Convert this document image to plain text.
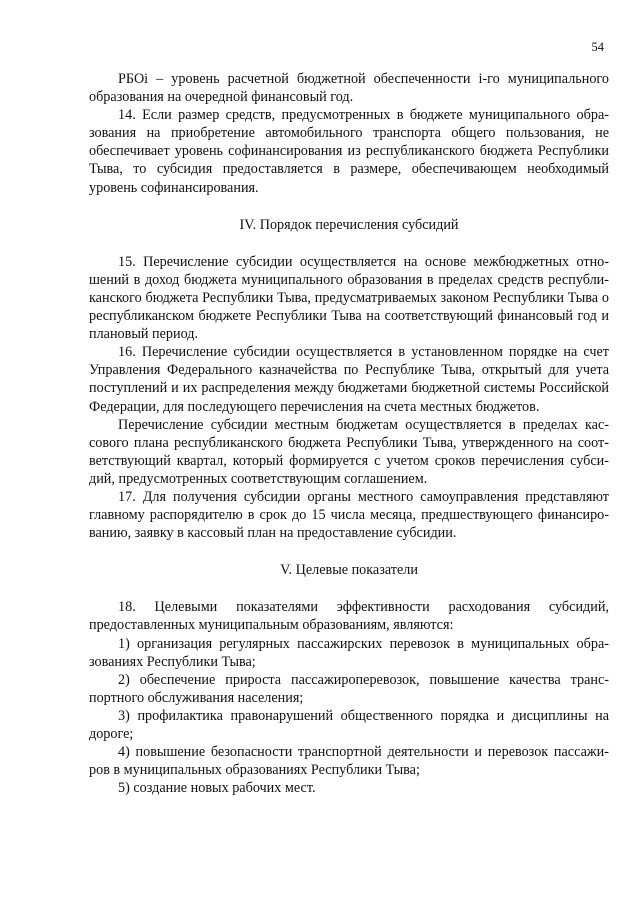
54

РБОi – уровень расчетной бюджетной обеспеченности i-го муниципального образования на очередной финансовый год.

14. Если размер средств, предусмотренных в бюджете муниципального образования на приобретение автомобильного транспорта общего пользования, не обеспечивает уровень софинансирования из республиканского бюджета Республики Тыва, то субсидия предоставляется в размере, обеспечивающем необходимый уровень софинансирования.

IV. Порядок перечисления субсидий

15. Перечисление субсидии осуществляется на основе межбюджетных отношений в доход бюджета муниципального образования в пределах средств республиканского бюджета Республики Тыва, предусматриваемых законом Республики Тыва о республиканском бюджете Республики Тыва на соответствующий финансовый год и плановый период.

16. Перечисление субсидии осуществляется в установленном порядке на счет Управления Федерального казначейства по Республике Тыва, открытый для учета поступлений и их распределения между бюджетами бюджетной системы Российской Федерации, для последующего перечисления на счета местных бюджетов.

Перечисление субсидии местным бюджетам осуществляется в пределах кассового плана республиканского бюджета Республики Тыва, утвержденного на соответствующий квартал, который формируется с учетом сроков перечисления субсидий, предусмотренных соответствующим соглашением.

17. Для получения субсидии органы местного самоуправления представляют главному распорядителю в срок до 15 числа месяца, предшествующего финансированию, заявку в кассовый план на предоставление субсидии.

V. Целевые показатели

18. Целевыми показателями эффективности расходования субсидий, предоставленных муниципальным образованиям, являются:

1) организация регулярных пассажирских перевозок в муниципальных образованиях Республики Тыва;

2) обеспечение прироста пассажироперевозок, повышение качества транспортного обслуживания населения;

3) профилактика правонарушений общественного порядка и дисциплины на дороге;

4) повышение безопасности транспортной деятельности и перевозок пассажиров в муниципальных образованиях Республики Тыва;

5) создание новых рабочих мест.
